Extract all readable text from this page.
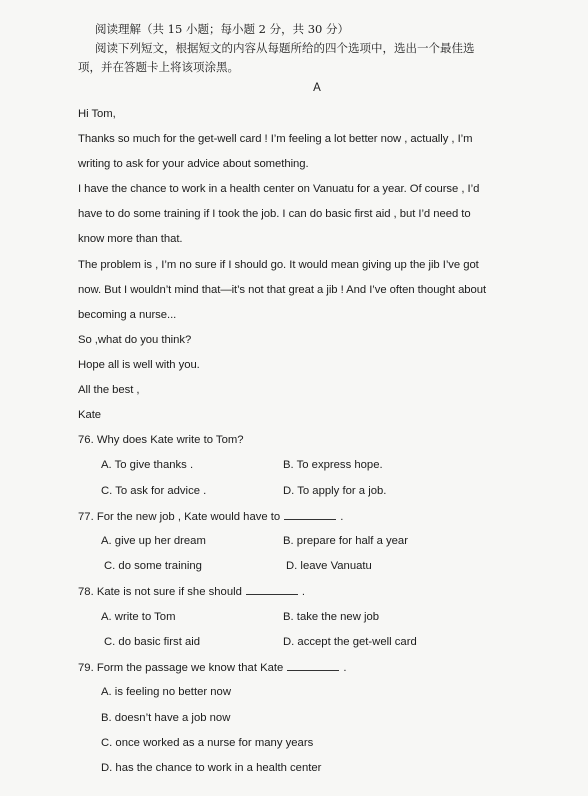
阅读理解（共 15 小题；每小题 2 分，共 30 分）
阅读下列短文，根据短文的内容从每题所给的四个选项中，选出一个最佳选
项，并在答题卡上将该项涂黑。
A
Hi Tom,
Thanks so much for the get-well card ! I’m feeling a lot better now , actually , I’m
writing to ask for your advice about something.
I have the chance to work in a health center on Vanuatu for a year. Of course , I’d
have to do some training if I took the job. I can do basic first aid , but I’d need to
know more than that.
The problem is , I’m no sure if I should go. It would mean giving up the jib I’ve got
now. But I wouldn’t mind that—it’s not that great a jib ! And I’ve often thought about
becoming a nurse...
So ,what do you think?
Hope all is well with you.
All the best ,
Kate
76. Why does Kate write to Tom?
A. To give thanks .	B. To express hope.
C. To ask for advice .	D. To apply for a job.
77. For the new job , Kate would have to	.
A. give up her dream	B. prepare for half a year
C. do some training	D. leave Vanuatu
78. Kate is not sure if she should	.
A. write to Tom	B. take the new job
C. do basic first aid	D. accept the get-well card
79. Form the passage we know that Kate	.
A. is feeling no better now
B. doesn’t have a job now
C. once worked as a nurse for many years
D. has the chance to work in a health center
